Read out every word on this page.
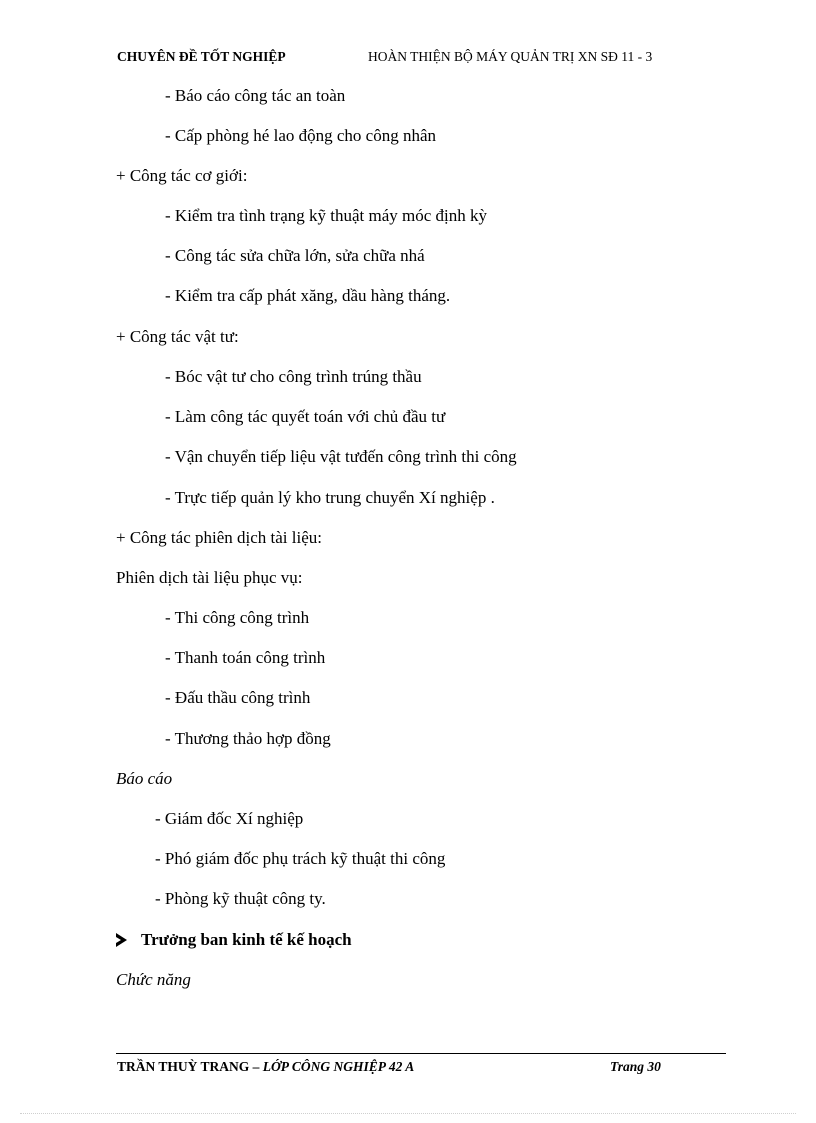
CHUYÊN ĐỀ TỐT NGHIỆP	HOÀN THIỆN BỘ MÁY QUẢN TRỊ XN SĐ 11 - 3
- Báo cáo công tác an toàn
- Cấp phòng hé lao động cho công nhân
+ Công tác cơ giới:
- Kiểm tra tình trạng kỹ thuật máy móc định kỳ
- Công tác sửa chữa lớn, sửa chữa nhá
- Kiểm tra cấp phát xăng, dầu hàng tháng.
+ Công tác vật tư:
- Bóc vật tư cho công trình trúng thầu
- Làm công tác quyết toán với chủ đầu tư
- Vận chuyển tiếp liệu vật tưđến công trình thi công
- Trực tiếp quản lý kho trung chuyển Xí nghiệp .
+ Công tác phiên dịch tài liệu:
Phiên dịch tài liệu phục vụ:
- Thi công công trình
- Thanh toán công trình
- Đấu thầu công trình
- Thương thảo hợp đồng
Báo cáo
- Giám đốc Xí nghiệp
- Phó giám đốc phụ trách kỹ thuật thi công
- Phòng kỹ thuật công ty.
Trưởng ban kinh tế kế hoạch
Chức năng
TRẦN THUỲ TRANG – LỚP CÔNG NGHIỆP 42 A	Trang 30
